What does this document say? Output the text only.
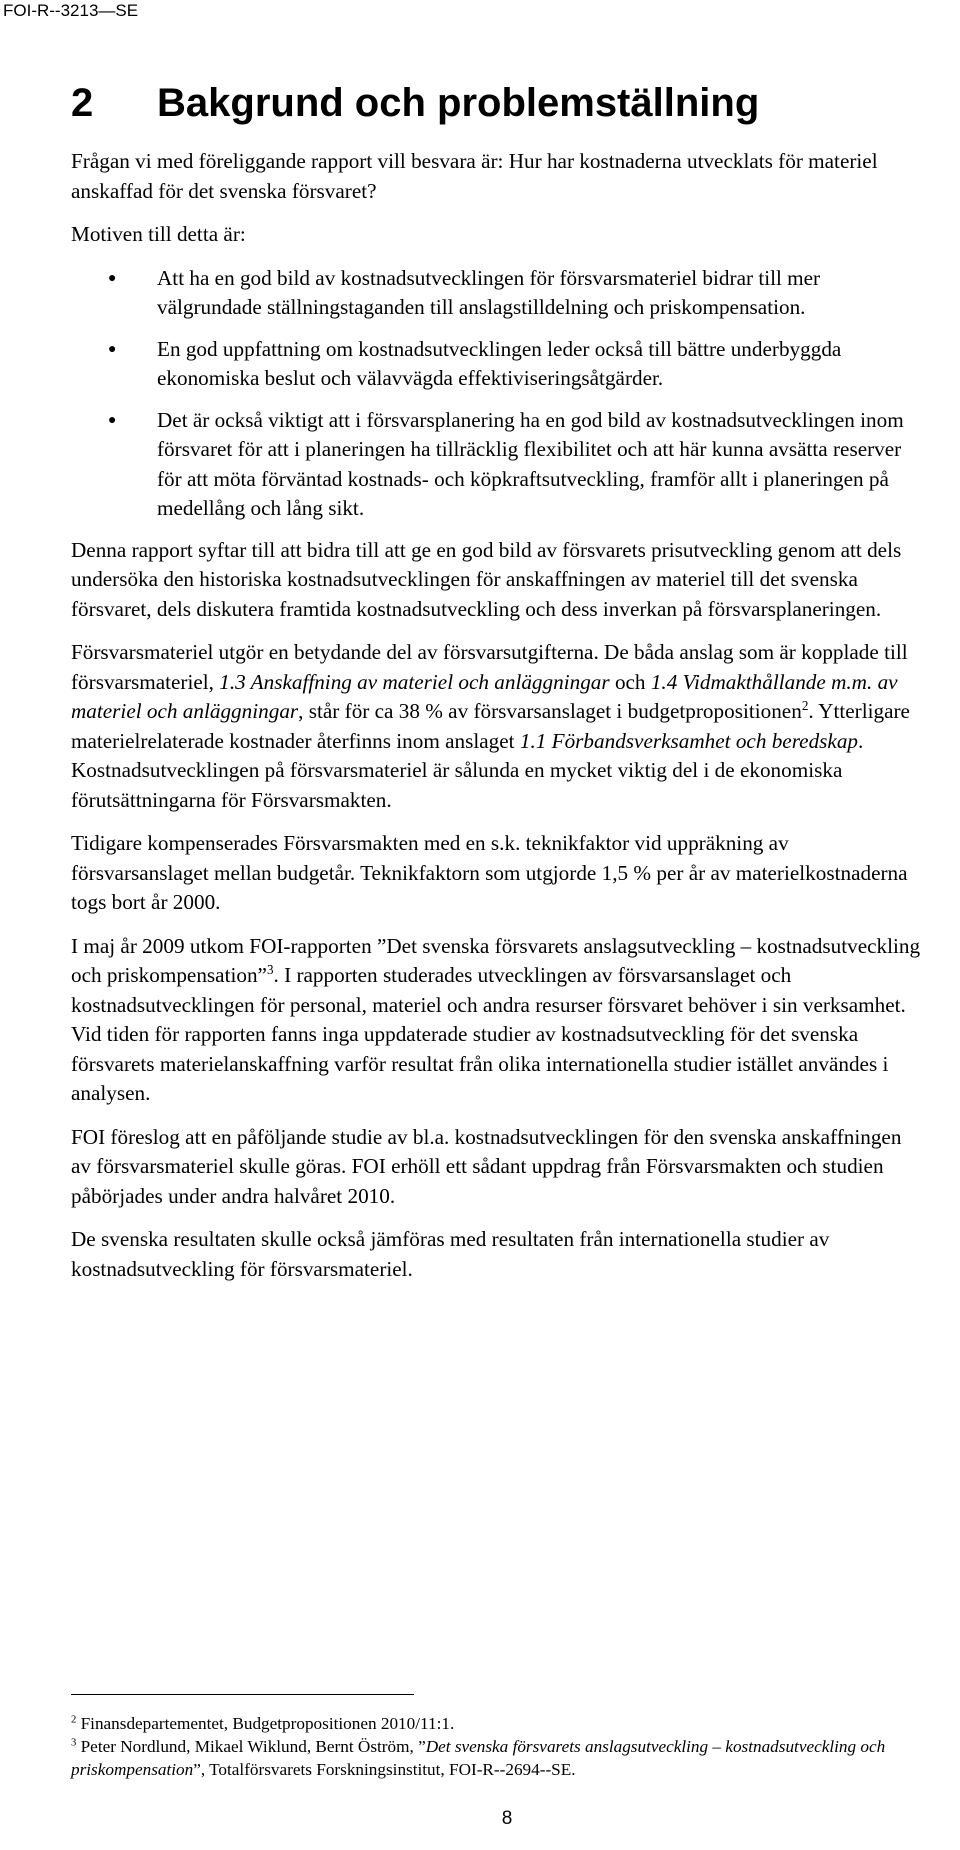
FOI-R--3213—SE
2 Bakgrund och problemställning

Frågan vi med föreliggande rapport vill besvara är: Hur har kostnaderna utvecklats för materiel anskaffad för det svenska försvaret?

Motiven till detta är:

● Att ha en god bild av kostnadsutvecklingen för försvarsmateriel bidrar till mer välgrundade ställningstaganden till anslagstilldelning och priskompensation.
● En god uppfattning om kostnadsutvecklingen leder också till bättre underbyggda ekonomiska beslut och välavvägda effektiviseringsåtgärder.
● Det är också viktigt att i försvarsplanering ha en god bild av kostnadsutvecklingen inom försvaret för att i planeringen ha tillräcklig flexibilitet och att här kunna avsätta reserver för att möta förväntad kostnads- och köpkraftsutveckling, framför allt i planeringen på medellång och lång sikt.

Denna rapport syftar till att bidra till att ge en god bild av försvarets prisutveckling genom att dels undersöka den historiska kostnadsutvecklingen för anskaffningen av materiel till det svenska försvaret, dels diskutera framtida kostnadsutveckling och dess inverkan på försvarsplaneringen.

Försvarsmateriel utgör en betydande del av försvarsutgifterna. De båda anslag som är kopplade till försvarsmateriel, 1.3 Anskaffning av materiel och anläggningar och 1.4 Vidmakthållande m.m. av materiel och anläggningar, står för ca 38 % av försvarsanslaget i budgetpropositionen$^2$. Ytterligare materielrelaterade kostnader återfinns inom anslaget 1.1 Förbandsverksamhet och beredskap. Kostnadsutvecklingen på försvarsmateriel är sålunda en mycket viktig del i de ekonomiska förutsättningarna för Försvarsmakten.

Tidigare kompenserades Försvarsmakten med en s.k. teknikfaktor vid uppräkning av försvarsanslaget mellan budgetår. Teknikfaktorn som utgjorde 1,5 % per år av materielkostnaderna togs bort år 2000.

I maj år 2009 utkom FOI-rapporten ”Det svenska försvarets anslagsutveckling – kostnadsutveckling och priskompensation”$^3$. I rapporten studerades utvecklingen av försvarsanslaget och kostnadsutvecklingen för personal, materiel och andra resurser försvaret behöver i sin verksamhet. Vid tiden för rapporten fanns inga uppdaterade studier av kostnadsutveckling för det svenska försvarets materielanskaffning varför resultat från olika internationella studier istället användes i analysen.

FOI föreslog att en påföljande studie av bl.a. kostnadsutvecklingen för den svenska anskaffningen av försvarsmateriel skulle göras. FOI erhöll ett sådant uppdrag från Försvarsmakten och studien påbörjades under andra halvåret 2010.

De svenska resultaten skulle också jämföras med resultaten från internationella studier av kostnadsutveckling för försvarsmateriel.

$^2$ Finansdepartementet, Budgetpropositionen 2010/11:1.

$^3$ Peter Nordlund, Mikael Wiklund, Bernt Öström, ”Det svenska försvarets anslagsutveckling – kostnadsutveckling och priskompensation”, Totalförsvarets Forskningsinstitut, FOI-R--2694--SE.

8
